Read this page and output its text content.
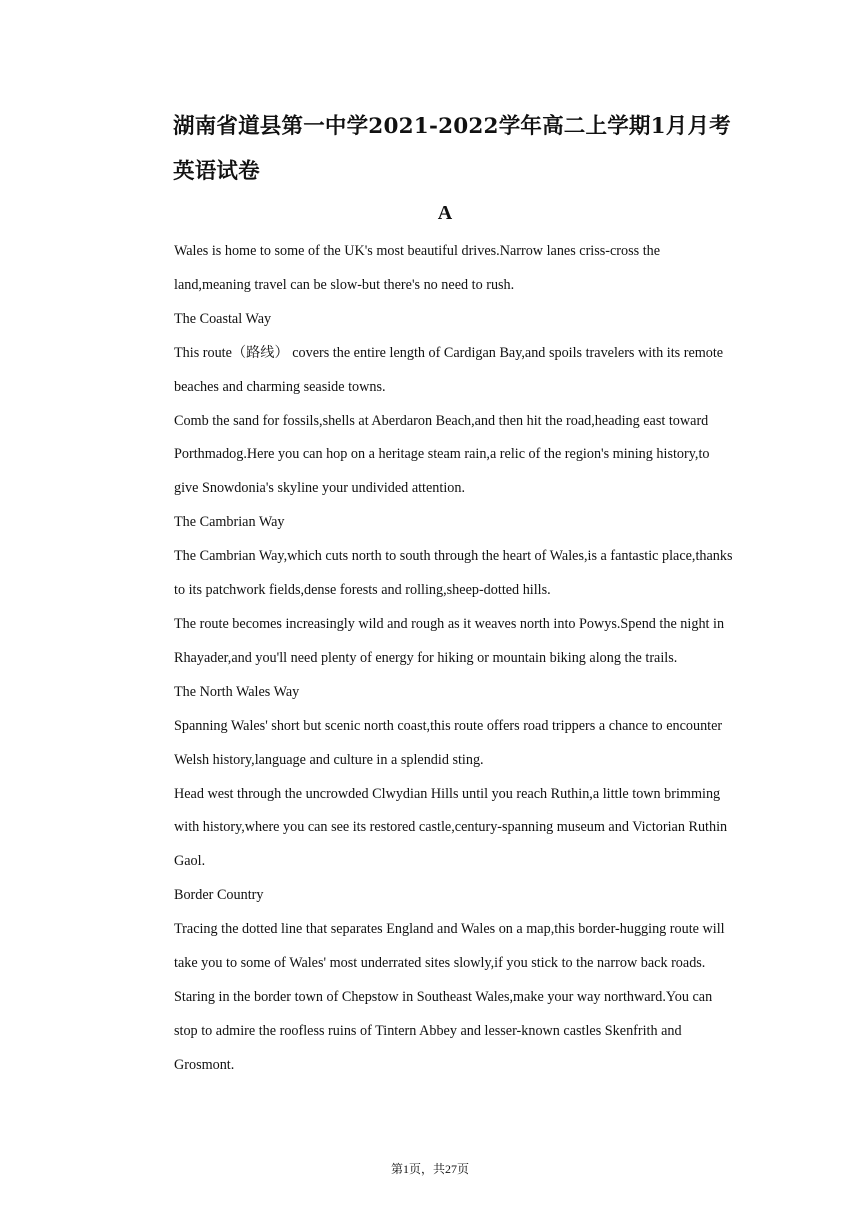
湖南省道县第一中学2021-2022学年高二上学期1月月考英语试卷
A

Wales is home to some of the UK's most beautiful drives.Narrow lanes criss-cross the land,meaning travel can be slow-but there's no need to rush.

The Coastal Way

This route（路线） covers the entire length of Cardigan Bay,and spoils travelers with its remote beaches and charming seaside towns.

Comb the sand for fossils,shells at Aberdaron Beach,and then hit the road,heading east toward Porthmadog.Here you can hop on a heritage steam rain,a relic of the region's mining history,to give Snowdonia's skyline your undivided attention.

The Cambrian Way

The Cambrian Way,which cuts north to south through the heart of Wales,is a fantastic place,thanks to its patchwork fields,dense forests and rolling,sheep-dotted hills.

The route becomes increasingly wild and rough as it weaves north into Powys.Spend the night in Rhayader,and you'll need plenty of energy for hiking or mountain biking along the trails.

The North Wales Way

Spanning Wales' short but scenic north coast,this route offers road trippers a chance to encounter Welsh history,language and culture in a splendid sting.

Head west through the uncrowded Clwydian Hills until you reach Ruthin,a little town brimming with history,where you can see its restored castle,century-spanning museum and Victorian Ruthin Gaol.

Border Country

Tracing the dotted line that separates England and Wales on a map,this border-hugging route will take you to some of Wales' most underrated sites slowly,if you stick to the narrow back roads.

Staring in the border town of Chepstow in Southeast Wales,make your way northward.You can stop to admire the roofless ruins of Tintern Abbey and lesser-known castles Skenfrith and Grosmont.

第1页，共27页
